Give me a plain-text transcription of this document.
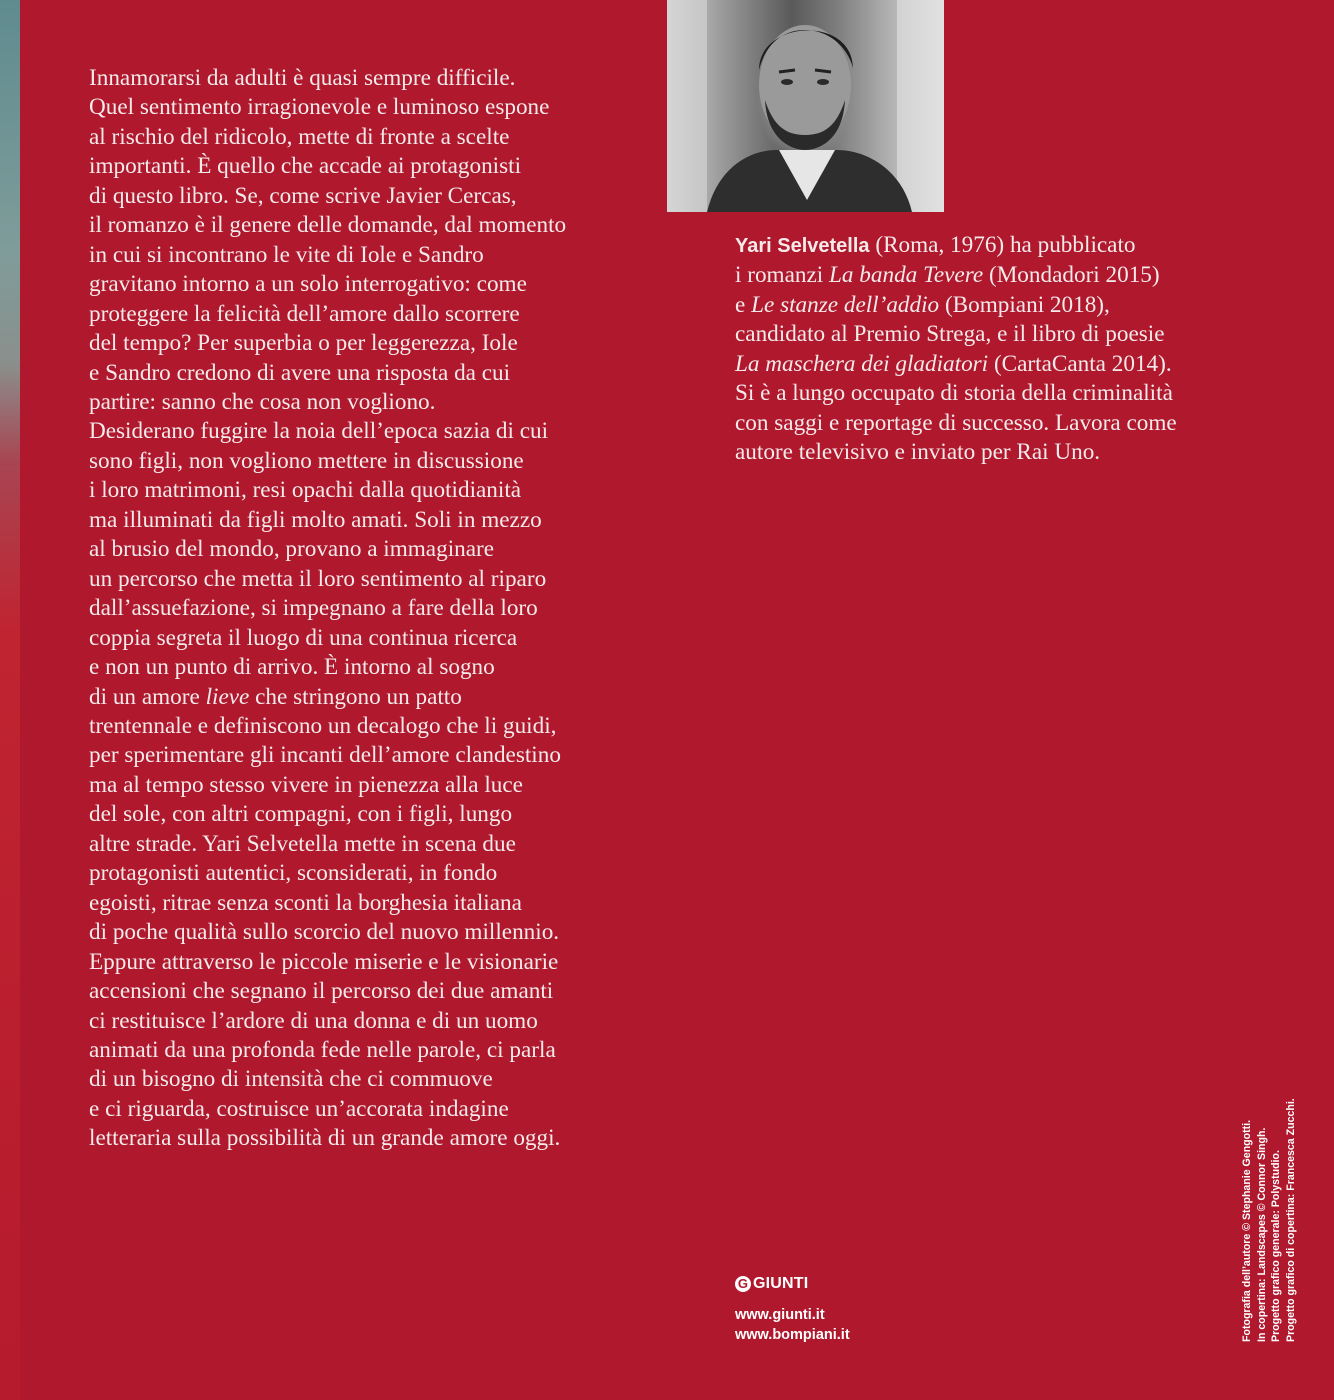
Innamorarsi da adulti è quasi sempre difficile.

Quel sentimento irragionevole e luminoso espone

al rischio del ridicolo, mette di fronte a scelte

importanti. È quello che accade ai protagonisti

di questo libro. Se, come scrive Javier Cercas,

il romanzo è il genere delle domande, dal momento

in cui si incontrano le vite di Iole e Sandro

gravitano intorno a un solo interrogativo: come

proteggere la felicità dell’amore dallo scorrere

del tempo? Per superbia o per leggerezza, Iole

e Sandro credono di avere una risposta da cui

partire: sanno che cosa non vogliono.

Desiderano fuggire la noia dell’epoca sazia di cui

sono figli, non vogliono mettere in discussione

i loro matrimoni, resi opachi dalla quotidianità

ma illuminati da figli molto amati. Soli in mezzo

al brusio del mondo, provano a immaginare

un percorso che metta il loro sentimento al riparo

dall’assuefazione, si impegnano a fare della loro

coppia segreta il luogo di una continua ricerca

e non un punto di arrivo. È intorno al sogno

di un amore lieve che stringono un patto

trentennale e definiscono un decalogo che li guidi,

per sperimentare gli incanti dell’amore clandestino

ma al tempo stesso vivere in pienezza alla luce

del sole, con altri compagni, con i figli, lungo

altre strade. Yari Selvetella mette in scena due

protagonisti autentici, sconsiderati, in fondo

egoisti, ritrae senza sconti la borghesia italiana

di poche qualità sullo scorcio del nuovo millennio.

Eppure attraverso le piccole miserie e le visionarie

accensioni che segnano il percorso dei due amanti

ci restituisce l’ardore di una donna e di un uomo

animati da una profonda fede nelle parole, ci parla

di un bisogno di intensità che ci commuove

e ci riguarda, costruisce un’accorata indagine

letteraria sulla possibilità di un grande amore oggi.

Yari Selvetella (Roma, 1976) ha pubblicato

i romanzi La banda Tevere (Mondadori 2015)

e Le stanze dell’addio (Bompiani 2018),

candidato al Premio Strega, e il libro di poesie

La maschera dei gladiatori (CartaCanta 2014).

Si è a lungo occupato di storia della criminalità

con saggi e reportage di successo. Lavora come

autore televisivo e inviato per Rai Uno.

G GIUNTI
www.giunti.it
www.bompiani.it	Fotografia dell’autore © Stephanie Gengotti. In copertina: Landscapes © Connor Singh. Progetto grafico generale: Polystudio. Progetto grafico di copertina: Francesca Zucchi.
